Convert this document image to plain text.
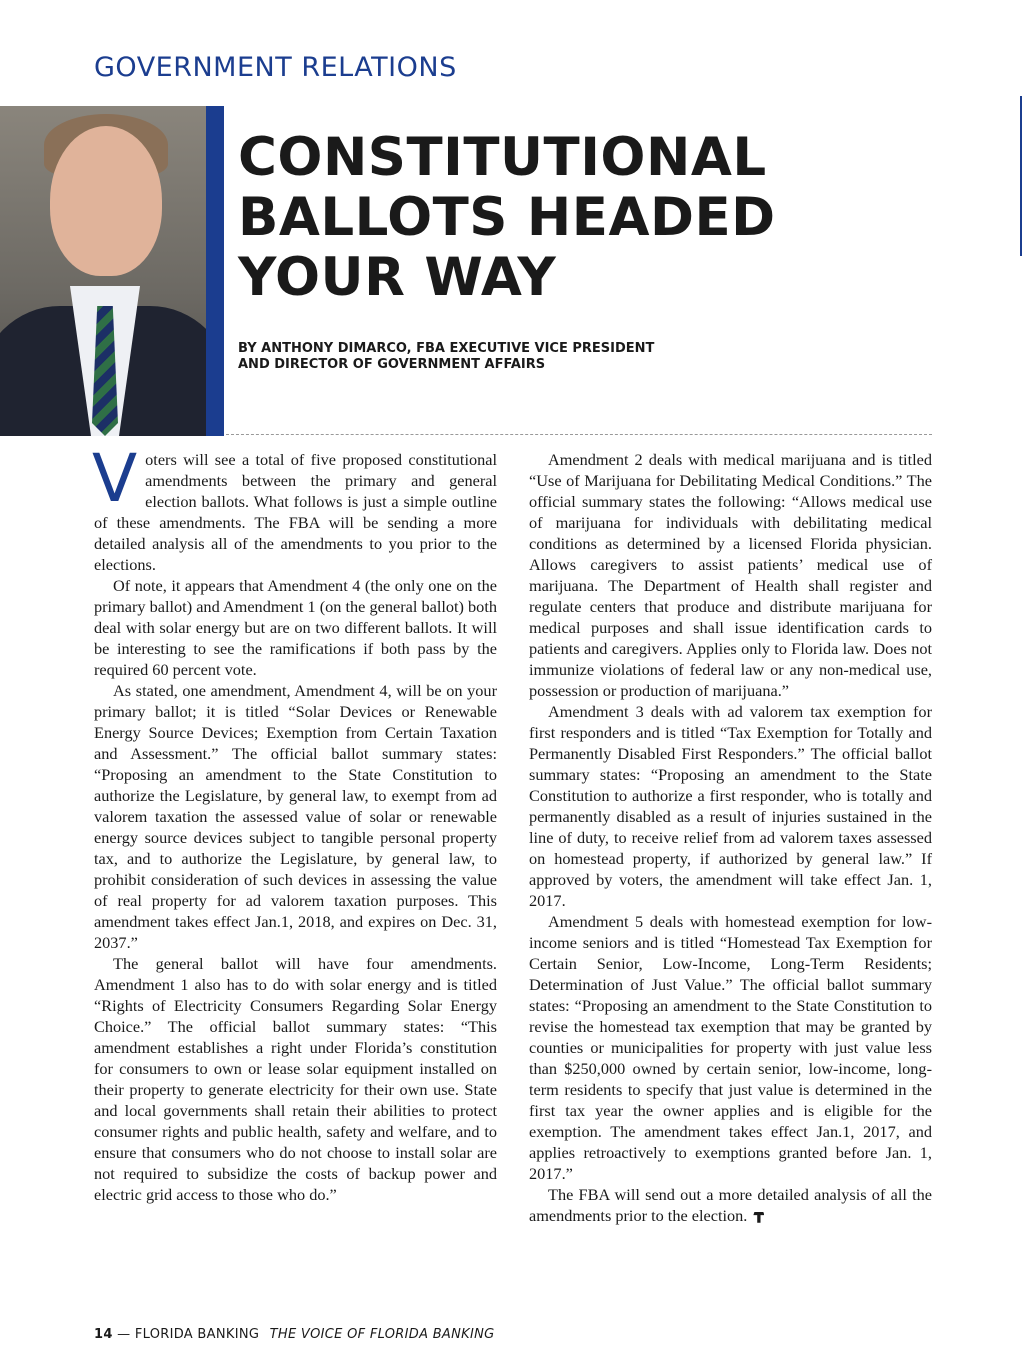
GOVERNMENT RELATIONS
CONSTITUTIONAL
BALLOTS HEADED
YOUR WAY
BY ANTHONY DIMARCO, FBA EXECUTIVE VICE PRESIDENT
AND DIRECTOR OF GOVERNMENT AFFAIRS

Voters will see a total of five proposed constitutional amendments between the primary and general election ballots. What follows is just a simple outline of these amendments. The FBA will be sending a more detailed analysis all of the amendments to you prior to the elections.

Of note, it appears that Amendment 4 (the only one on the primary ballot) and Amendment 1 (on the general ballot) both deal with solar energy but are on two different ballots. It will be interesting to see the ramifications if both pass by the required 60 percent vote.

As stated, one amendment, Amendment 4, will be on your primary ballot; it is titled “Solar Devices or Renewable Energy Source Devices; Exemption from Certain Taxation and Assessment.” The official ballot summary states: “Proposing an amendment to the State Constitution to authorize the Legislature, by general law, to exempt from ad valorem taxation the assessed value of solar or renewable energy source devices subject to tangible personal property tax, and to authorize the Legislature, by general law, to prohibit consideration of such devices in assessing the value of real property for ad valorem taxation purposes. This amendment takes effect Jan.1, 2018, and expires on Dec. 31, 2037.”

The general ballot will have four amendments. Amendment 1 also has to do with solar energy and is titled “Rights of Electricity Consumers Regarding Solar Energy Choice.” The official ballot summary states: “This amendment establishes a right under Florida’s constitution for consumers to own or lease solar equipment installed on their property to generate electricity for their own use. State and local governments shall retain their abilities to protect consumer rights and public health, safety and welfare, and to ensure that consumers who do not choose to install solar are not required to subsidize the costs of backup power and electric grid access to those who do.”

Amendment 2 deals with medical marijuana and is titled “Use of Marijuana for Debilitating Medical Conditions.” The official summary states the following: “Allows medical use of marijuana for individuals with debilitating medical conditions as determined by a licensed Florida physician. Allows caregivers to assist patients’ medical use of marijuana. The Department of Health shall register and regulate centers that produce and distribute marijuana for medical purposes and shall issue identification cards to patients and caregivers. Applies only to Florida law. Does not immunize violations of federal law or any non-medical use, possession or production of marijuana.”

Amendment 3 deals with ad valorem tax exemption for first responders and is titled “Tax Exemption for Totally and Permanently Disabled First Responders.” The official ballot summary states: “Proposing an amendment to the State Constitution to authorize a first responder, who is totally and permanently disabled as a result of injuries sustained in the line of duty, to receive relief from ad valorem taxes assessed on homestead property, if authorized by general law.” If approved by voters, the amendment will take effect Jan. 1, 2017.

Amendment 5 deals with homestead exemption for low-income seniors and is titled “Homestead Tax Exemption for Certain Senior, Low-Income, Long-Term Residents; Determination of Just Value.” The official ballot summary states: “Proposing an amendment to the State Constitution to revise the homestead tax exemption that may be granted by counties or municipalities for property with just value less than $250,000 owned by certain senior, low-income, long-term residents to specify that just value is determined in the first tax year the owner applies and is eligible for the exemption. The amendment takes effect Jan.1, 2017, and applies retroactively to exemptions granted before Jan. 1, 2017.”

The FBA will send out a more detailed analysis of all the amendments prior to the election.

14 — FLORIDA BANKING THE VOICE OF FLORIDA BANKING
